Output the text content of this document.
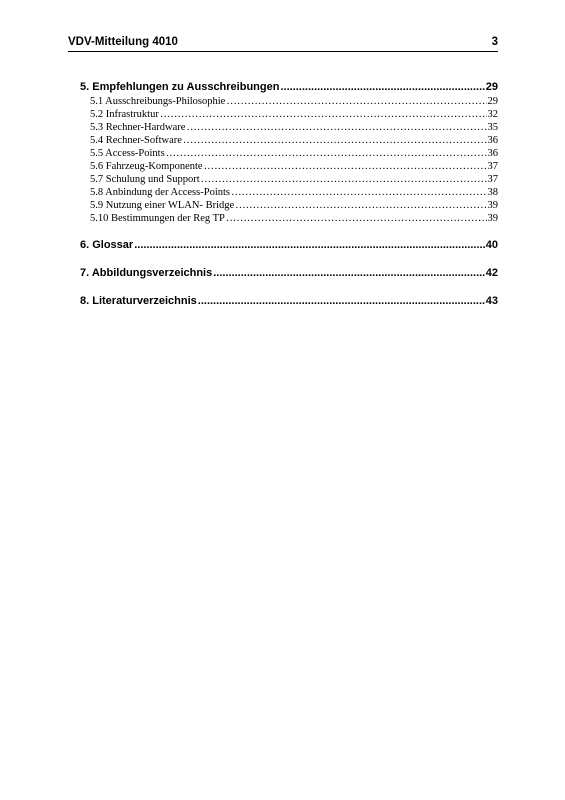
VDV-Mitteilung 4010	3
5. Empfehlungen zu Ausschreibungen .....	29
5.1 Ausschreibungs-Philosophie …………………………………………………………………………………………………………………………………………………………………………………	29
5.2 Infrastruktur …………………………………………………………………………………………………………………………………………………………………………………	32
5.3 Rechner-Hardware …………………………………………………………………………………………………………………………………………………………………………………	35
5.4 Rechner-Software …………………………………………………………………………………………………………………………………………………………………………………	36
5.5 Access-Points …………………………………………………………………………………………………………………………………………………………………………………	36
5.6 Fahrzeug-Komponente …………………………………………………………………………………………………………………………………………………………………………………	37
5.7 Schulung und Support …………………………………………………………………………………………………………………………………………………………………………………	37
5.8 Anbindung der Access-Points …………………………………………………………………………………………………………………………………………………………………………………	38
5.9 Nutzung einer WLAN- Bridge …………………………………………………………………………………………………………………………………………………………………………………	39
5.10 Bestimmungen der Reg TP …………………………………………………………………………………………………………………………………………………………………………………	39
6. Glossar .....	40
7. Abbildungsverzeichnis .....	42
8. Literaturverzeichnis .....	43
